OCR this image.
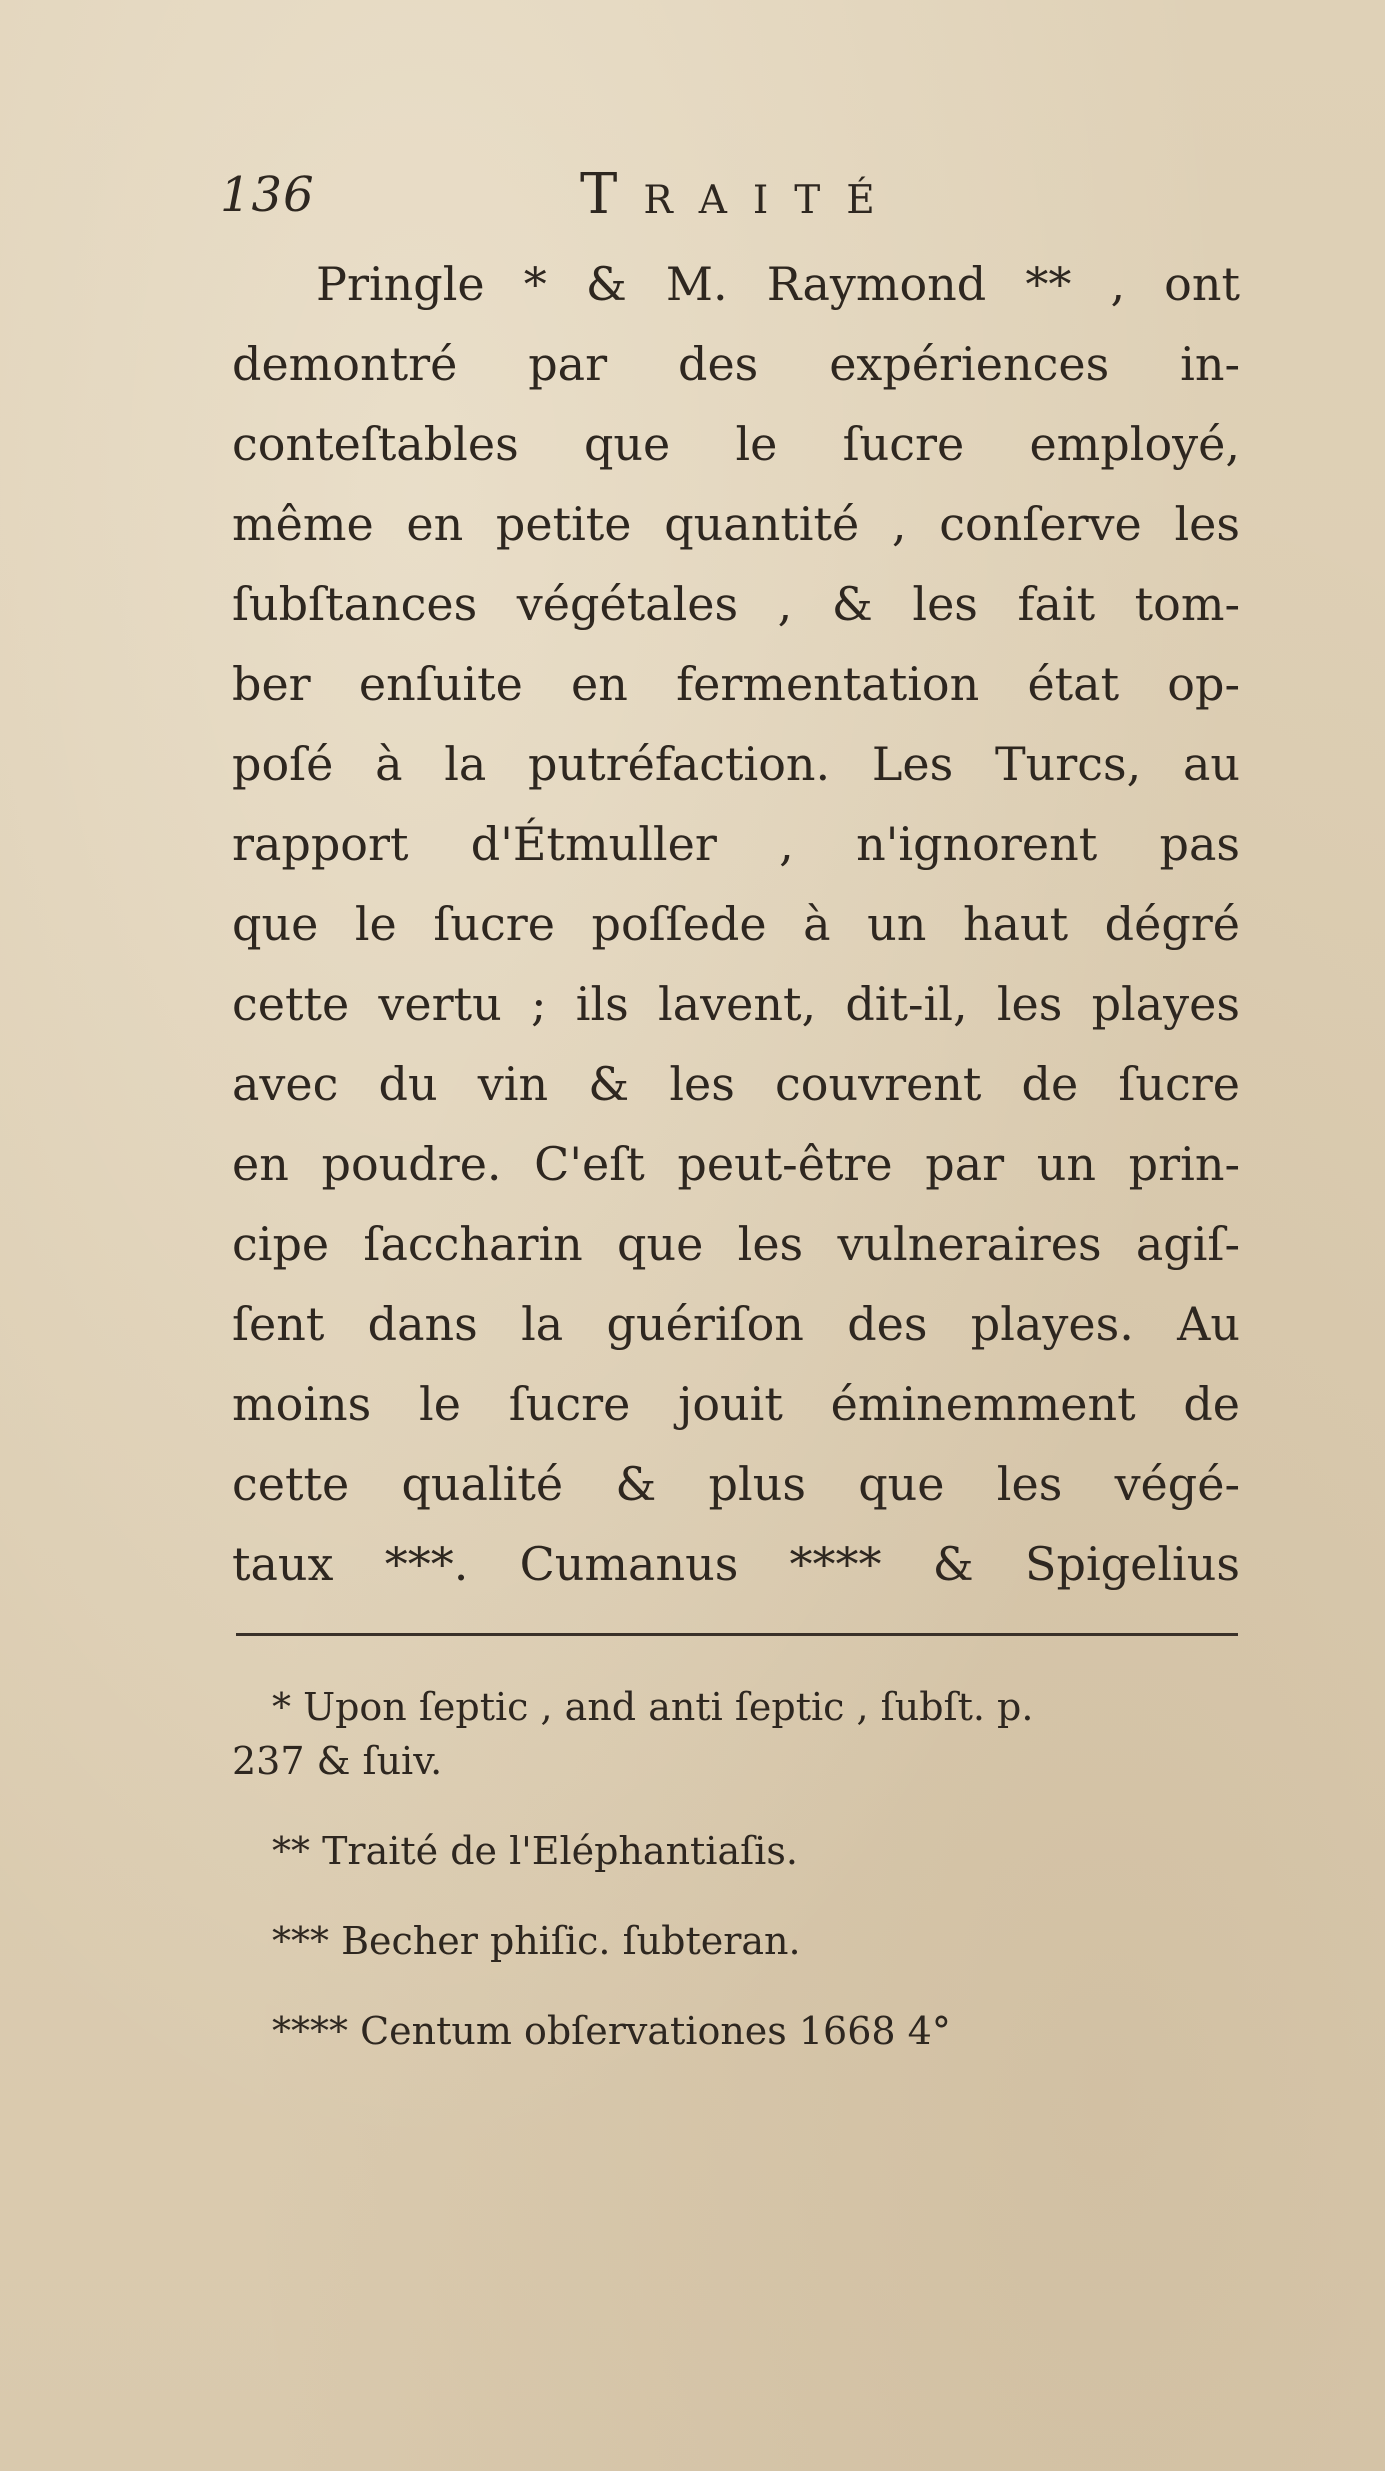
136	Traité
Pringle * & M. Raymond ** , ont
demontré par des expériences in-
conteſtables que le ſucre employé,
même en petite quantité , conſerve les
ſubſtances végétales , & les fait tom-
ber enſuite en fermentation état op-
poſé à la putréfaction. Les Turcs, au
rapport d'Étmuller , n'ignorent pas
que le ſucre poſſede à un haut dégré
cette vertu ; ils lavent, dit-il, les playes
avec du vin & les couvrent de ſucre
en poudre. C'eſt peut-être par un prin-
cipe ſaccharin que les vulneraires agiſ-
ſent dans la guériſon des playes. Au
moins le ſucre jouit éminemment de
cette qualité & plus que les végé-
taux ***. Cumanus **** & Spigelius
* Upon ſeptic , and anti ſeptic , ſubſt. p.
237 & ſuiv.
** Traité de l'Eléphantiaſis.
*** Becher phiſic. ſubteran.
**** Centum obſervationes 1668 4°
